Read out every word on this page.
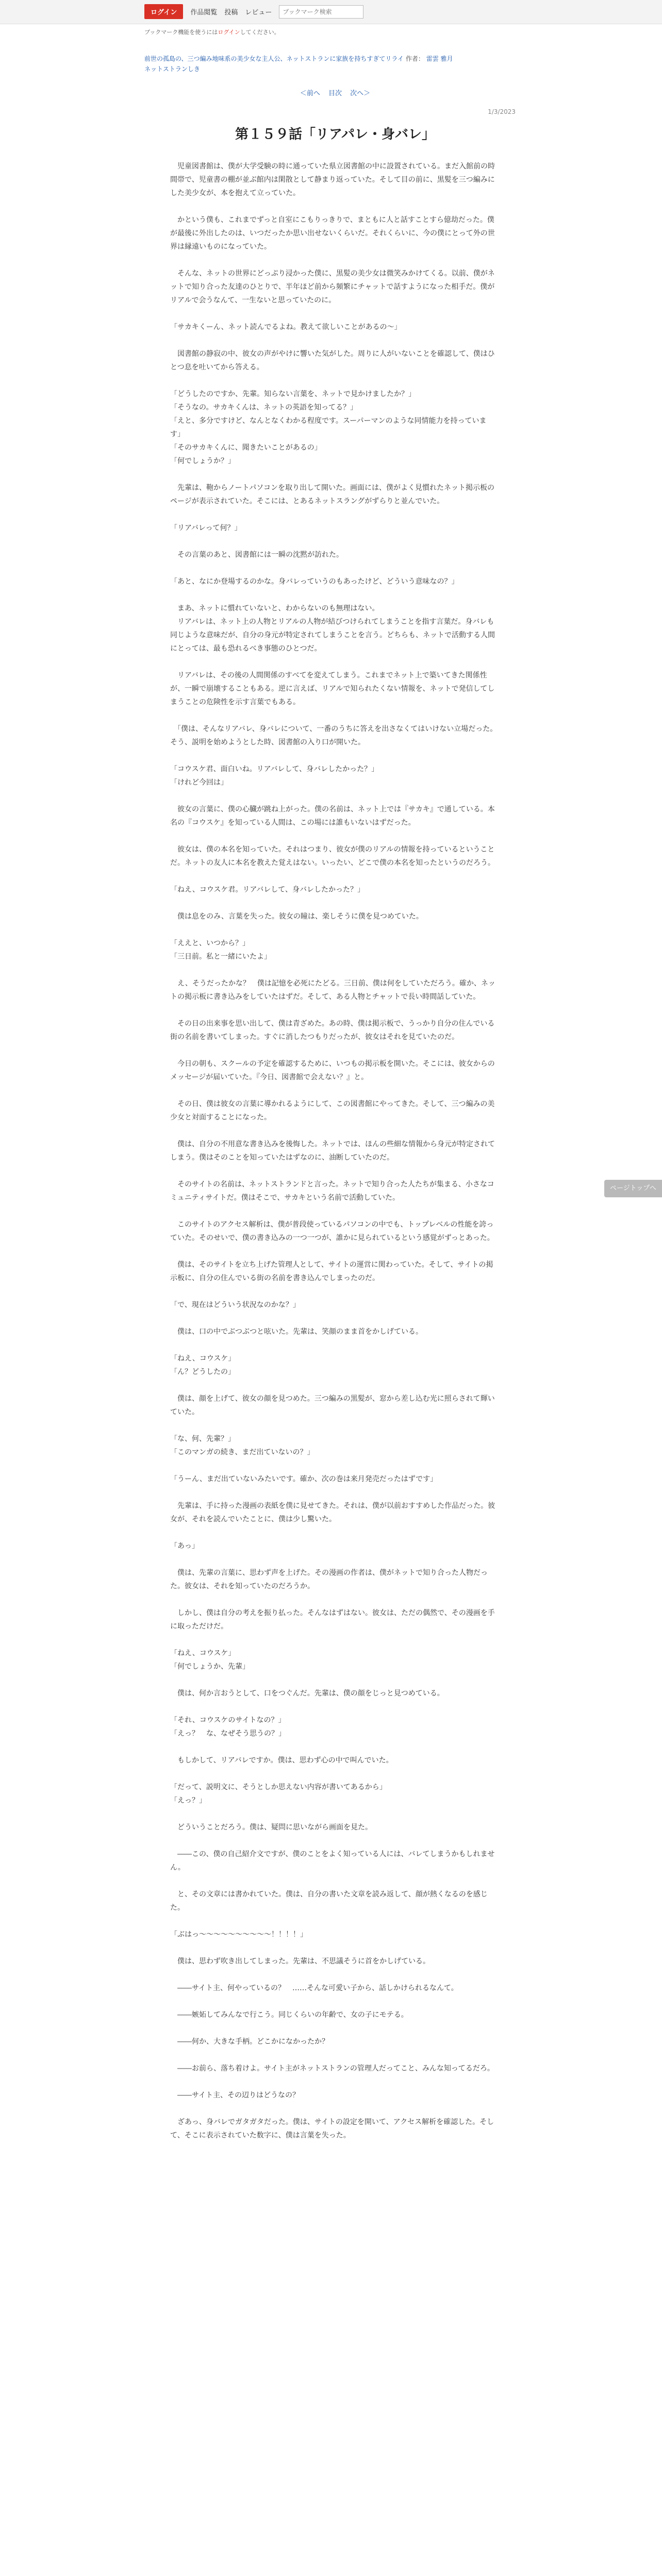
ログイン	作品閲覧 投稿 レビュー
ブックマーク検索
ブックマーク機能を使うにはログインしてください。
前世の孤島の、三つ編み地味系の美少女な主人公、ネットストランに家族を持ちすぎてリライ 作者： 雷雲 雅月
ネットストランしき
＜前へ 目次 次へ＞
1/3/2023
第１５９話「リアパレ・身バレ」

　児童図書館は、僕が大学受験の時に通っていた県立図書館の中に設置されている。まだ入館前の時間帯で、児童書の棚が並ぶ館内は閑散として静まり返っていた。そして目の前に、黒髪を三つ編みにした美少女が、本を抱えて立っていた。

　かという僕も、これまでずっと自室にこもりっきりで、まともに人と話すことすら億劫だった。僕が最後に外出したのは、いつだったか思い出せないくらいだ。それくらいに、今の僕にとって外の世界は縁遠いものになっていた。

　そんな、ネットの世界にどっぷり浸かった僕に、黒髪の美少女は微笑みかけてくる。以前、僕がネットで知り合った友達のひとりで、半年ほど前から頻繁にチャットで話すようになった相手だ。僕がリアルで会うなんて、一生ないと思っていたのに。

「サカキくーん、ネット読んでるよね。教えて欲しいことがあるの〜」

　図書館の静寂の中、彼女の声がやけに響いた気がした。周りに人がいないことを確認して、僕はひとつ息を吐いてから答える。

「どうしたのですか、先輩。知らない言葉を、ネットで見かけましたか？」
「そうなの。サカキくんは、ネットの英語を知ってる？」
「えと、多分ですけど、なんとなくわかる程度です。スーパーマンのような同情能力を持っています」
「そのサカキくんに、聞きたいことがあるの」
「何でしょうか？」

　先輩は、鞄からノートパソコンを取り出して開いた。画面には、僕がよく見慣れたネット掲示板のページが表示されていた。そこには、とあるネットスラングがずらりと並んでいた。

「リアバレって何？」

　その言葉のあと、図書館には一瞬の沈黙が訪れた。

「あと、なにか登場するのかな。身バレっていうのもあったけど、どういう意味なの？」

　まあ、ネットに慣れていないと、わからないのも無理はない。
　リアバレは、ネット上の人物とリアルの人物が結びつけられてしまうことを指す言葉だ。身バレも同じような意味だが、自分の身元が特定されてしまうことを言う。どちらも、ネットで活動する人間にとっては、最も恐れるべき事態のひとつだ。

　リアバレは、その後の人間関係のすべてを変えてしまう。これまでネット上で築いてきた関係性が、一瞬で崩壊することもある。逆に言えば、リアルで知られたくない情報を、ネットで発信してしまうことの危険性を示す言葉でもある。

　「僕は、そんなリアバレ、身バレについて、一番のうちに答えを出さなくてはいけない立場だった。そう、説明を始めようとした時、図書館の入り口が開いた。

「コウスケ君、面白いね。リアバレして、身バレしたかった？」
「けれど今回は」

　彼女の言葉に、僕の心臓が跳ね上がった。僕の名前は、ネット上では『サカキ』で通している。本名の『コウスケ』を知っている人間は、この場には誰もいないはずだった。

　彼女は、僕の本名を知っていた。それはつまり、彼女が僕のリアルの情報を持っているということだ。ネットの友人に本名を教えた覚えはない。いったい、どこで僕の本名を知ったというのだろう。

「ねえ、コウスケ君。リアバレして、身バレしたかった？」

　僕は息をのみ、言葉を失った。彼女の瞳は、楽しそうに僕を見つめていた。

「ええと、いつから？」
「三日前。私と一緒にいたよ」

　え、そうだったかな？　僕は記憶を必死にたどる。三日前、僕は何をしていただろう。確か、ネットの掲示板に書き込みをしていたはずだ。そして、ある人物とチャットで長い時間話していた。

　その日の出来事を思い出して、僕は青ざめた。あの時、僕は掲示板で、うっかり自分の住んでいる街の名前を書いてしまった。すぐに消したつもりだったが、彼女はそれを見ていたのだ。

　今日の朝も、スクールの予定を確認するために、いつもの掲示板を開いた。そこには、彼女からのメッセージが届いていた。『今日、図書館で会えない？』と。

　その日、僕は彼女の言葉に導かれるようにして、この図書館にやってきた。そして、三つ編みの美少女と対面することになった。

　僕は、自分の不用意な書き込みを後悔した。ネットでは、ほんの些細な情報から身元が特定されてしまう。僕はそのことを知っていたはずなのに、油断していたのだ。

　そのサイトの名前は、ネットストランドと言った。ネットで知り合った人たちが集まる、小さなコミュニティサイトだ。僕はそこで、サカキという名前で活動していた。

　このサイトのアクセス解析は、僕が普段使っているパソコンの中でも、トップレベルの性能を誇っていた。そのせいで、僕の書き込みの一つ一つが、誰かに見られているという感覚がずっとあった。

　僕は、そのサイトを立ち上げた管理人として、サイトの運営に関わっていた。そして、サイトの掲示板に、自分の住んでいる街の名前を書き込んでしまったのだ。

「で、現在はどういう状況なのかな？」

　僕は、口の中でぶつぶつと呟いた。先輩は、笑顔のまま首をかしげている。

「ねえ、コウスケ」
「ん？どうしたの」

　僕は、顔を上げて、彼女の顔を見つめた。三つ編みの黒髪が、窓から差し込む光に照らされて輝いていた。

「な、何、先輩？」
「このマンガの続き、まだ出ていないの？」

「うーん、まだ出ていないみたいです。確か、次の巻は来月発売だったはずです」

　先輩は、手に持った漫画の表紙を僕に見せてきた。それは、僕が以前おすすめした作品だった。彼女が、それを読んでいたことに、僕は少し驚いた。

「あっ」

　僕は、先輩の言葉に、思わず声を上げた。その漫画の作者は、僕がネットで知り合った人物だった。彼女は、それを知っていたのだろうか。

　しかし、僕は自分の考えを振り払った。そんなはずはない。彼女は、ただの偶然で、その漫画を手に取っただけだ。

「ねえ、コウスケ」
「何でしょうか、先輩」

　僕は、何か言おうとして、口をつぐんだ。先輩は、僕の顔をじっと見つめている。

「それ、コウスケのサイトなの？」
「えっ？　な、なぜそう思うの？」

　もしかして、リアバレですか。僕は、思わず心の中で叫んでいた。

「だって、説明文に、そうとしか思えない内容が書いてあるから」
「えっ？」

　どういうことだろう。僕は、疑問に思いながら画面を見た。

　――この、僕の自己紹介文ですが、僕のことをよく知っている人には、バレてしまうかもしれません。

　と、その文章には書かれていた。僕は、自分の書いた文章を読み返して、顔が熱くなるのを感じた。

「ぶはっ〜〜〜〜〜〜〜〜〜〜！！！！」

　僕は、思わず吹き出してしまった。先輩は、不思議そうに首をかしげている。

　――サイト主、何やっているの？　……そんな可愛い子から、話しかけられるなんて。

　――嫉妬してみんなで行こう。同じくらいの年齢で、女の子にモテる。

　――何か、大きな手柄。どこかになかったか？

　――お前ら、落ち着けよ。サイト主がネットストランの管理人だってこと、みんな知ってるだろ。

　――サイト主、その辺りはどうなの？

　ざあっ、身バレでガタガタだった。僕は、サイトの設定を開いて、アクセス解析を確認した。そして、そこに表示されていた数字に、僕は言葉を失った。

ページトップへ
